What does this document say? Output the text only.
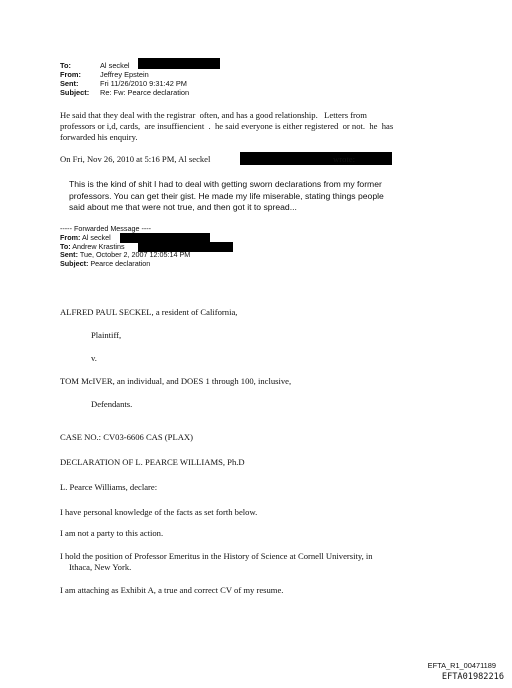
To:	Al seckel
From:	Jeffrey Epstein
Sent:	Fri 11/26/2010 9:31:42 PM
Subject: Re: Fw: Pearce declaration
He said that they deal with the registrar  often, and has a good relationship.   Letters from
professors or i,d, cards,  are insuffiencient  .  he said everyone is either registered  or not.  he  has
forwarded his enquiry.
On Fri, Nov 26, 2010 at 5:16 PM, Al seckel	wrote:
This is the kind of shit I had to deal with getting sworn declarations from my former
professors. You can get their gist. He made my life miserable, stating things people
said about me that were not true, and then got it to spread...
----- Forwarded Message ----
From: Al seckel
To: Andrew Krastins
Sent: Tue, October 2, 2007 12:05:14 PM
Subject: Pearce declaration
ALFRED PAUL SECKEL, a resident of California,
Plaintiff,
v.
TOM McIVER, an individual, and DOES 1 through 100, inclusive,
Defendants.
CASE NO.: CV03-6606 CAS (PLAX)
DECLARATION OF L. PEARCE WILLIAMS, Ph.D
L. Pearce Williams, declare:
I have personal knowledge of the facts as set forth below.
I am not a party to this action.
I hold the position of Professor Emeritus in the History of Science at Cornell University, in
Ithaca, New York.
I am attaching as Exhibit A, a true and correct CV of my resume.
EFTA_R1_00471189
EFTA01982216
